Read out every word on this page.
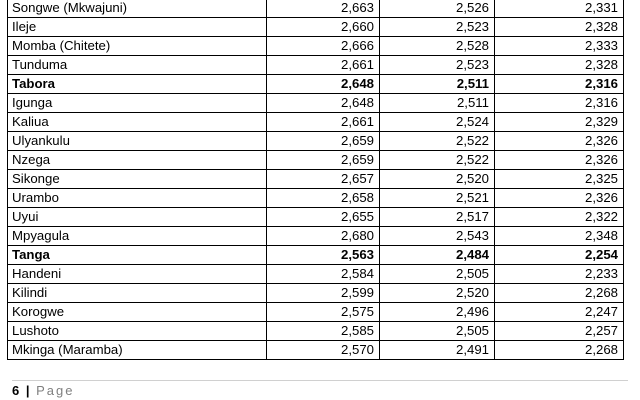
Songwe (Mkwajuni)	2,663	2,526	2,331
Ileje	2,660	2,523	2,328
Momba (Chitete)	2,666	2,528	2,333
Tunduma	2,661	2,523	2,328
Tabora	2,648	2,511	2,316
Igunga	2,648	2,511	2,316
Kaliua	2,661	2,524	2,329
Ulyankulu	2,659	2,522	2,326
Nzega	2,659	2,522	2,326
Sikonge	2,657	2,520	2,325
Urambo	2,658	2,521	2,326
Uyui	2,655	2,517	2,322
Mpyagula	2,680	2,543	2,348
Tanga	2,563	2,484	2,254
Handeni	2,584	2,505	2,233
Kilindi	2,599	2,520	2,268
Korogwe	2,575	2,496	2,247
Lushoto	2,585	2,505	2,257
Mkinga (Maramba)	2,570	2,491	2,268
6 | Page
